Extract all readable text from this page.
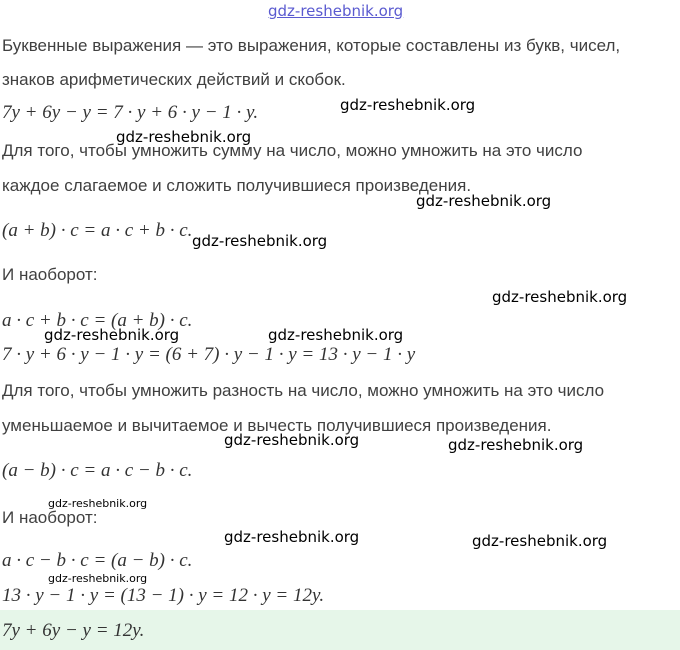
gdz-reshebnik.org
Буквенные выражения — это выражения, которые составлены из букв, чисел,
знаков арифметических действий и скобок.
7y + 6y − y = 7 · y + 6 · y − 1 · y.	gdz-reshebnik.org
gdz-reshebnik.org
Для того, чтобы умножить сумму на число, можно умножить на это число
каждое слагаемое и сложить получившиеся произведения.
gdz-reshebnik.org
(a + b) · c = a · c + b · c. gdz-reshebnik.org
И наоборот:
gdz-reshebnik.org
a · c + b · c = (a + b) · c.
gdz-reshebnik.org	gdz-reshebnik.org
7 · y + 6 · y − 1 · y = (6 + 7) · y − 1 · y = 13 · y − 1 · y
Для того, чтобы умножить разность на число, можно умножить на это число
уменьшаемое и вычитаемое и вычесть получившиеся произведения.
gdz-reshebnik.org	gdz-reshebnik.org
(a − b) · c = a · c − b · c.
gdz-reshebnik.org
И наоборот:
gdz-reshebnik.org	gdz-reshebnik.org
a · c − b · c = (a − b) · c.
gdz-reshebnik.org
13 · y − 1 · y = (13 − 1) · y = 12 · y = 12y.
7y + 6y − y = 12y.
